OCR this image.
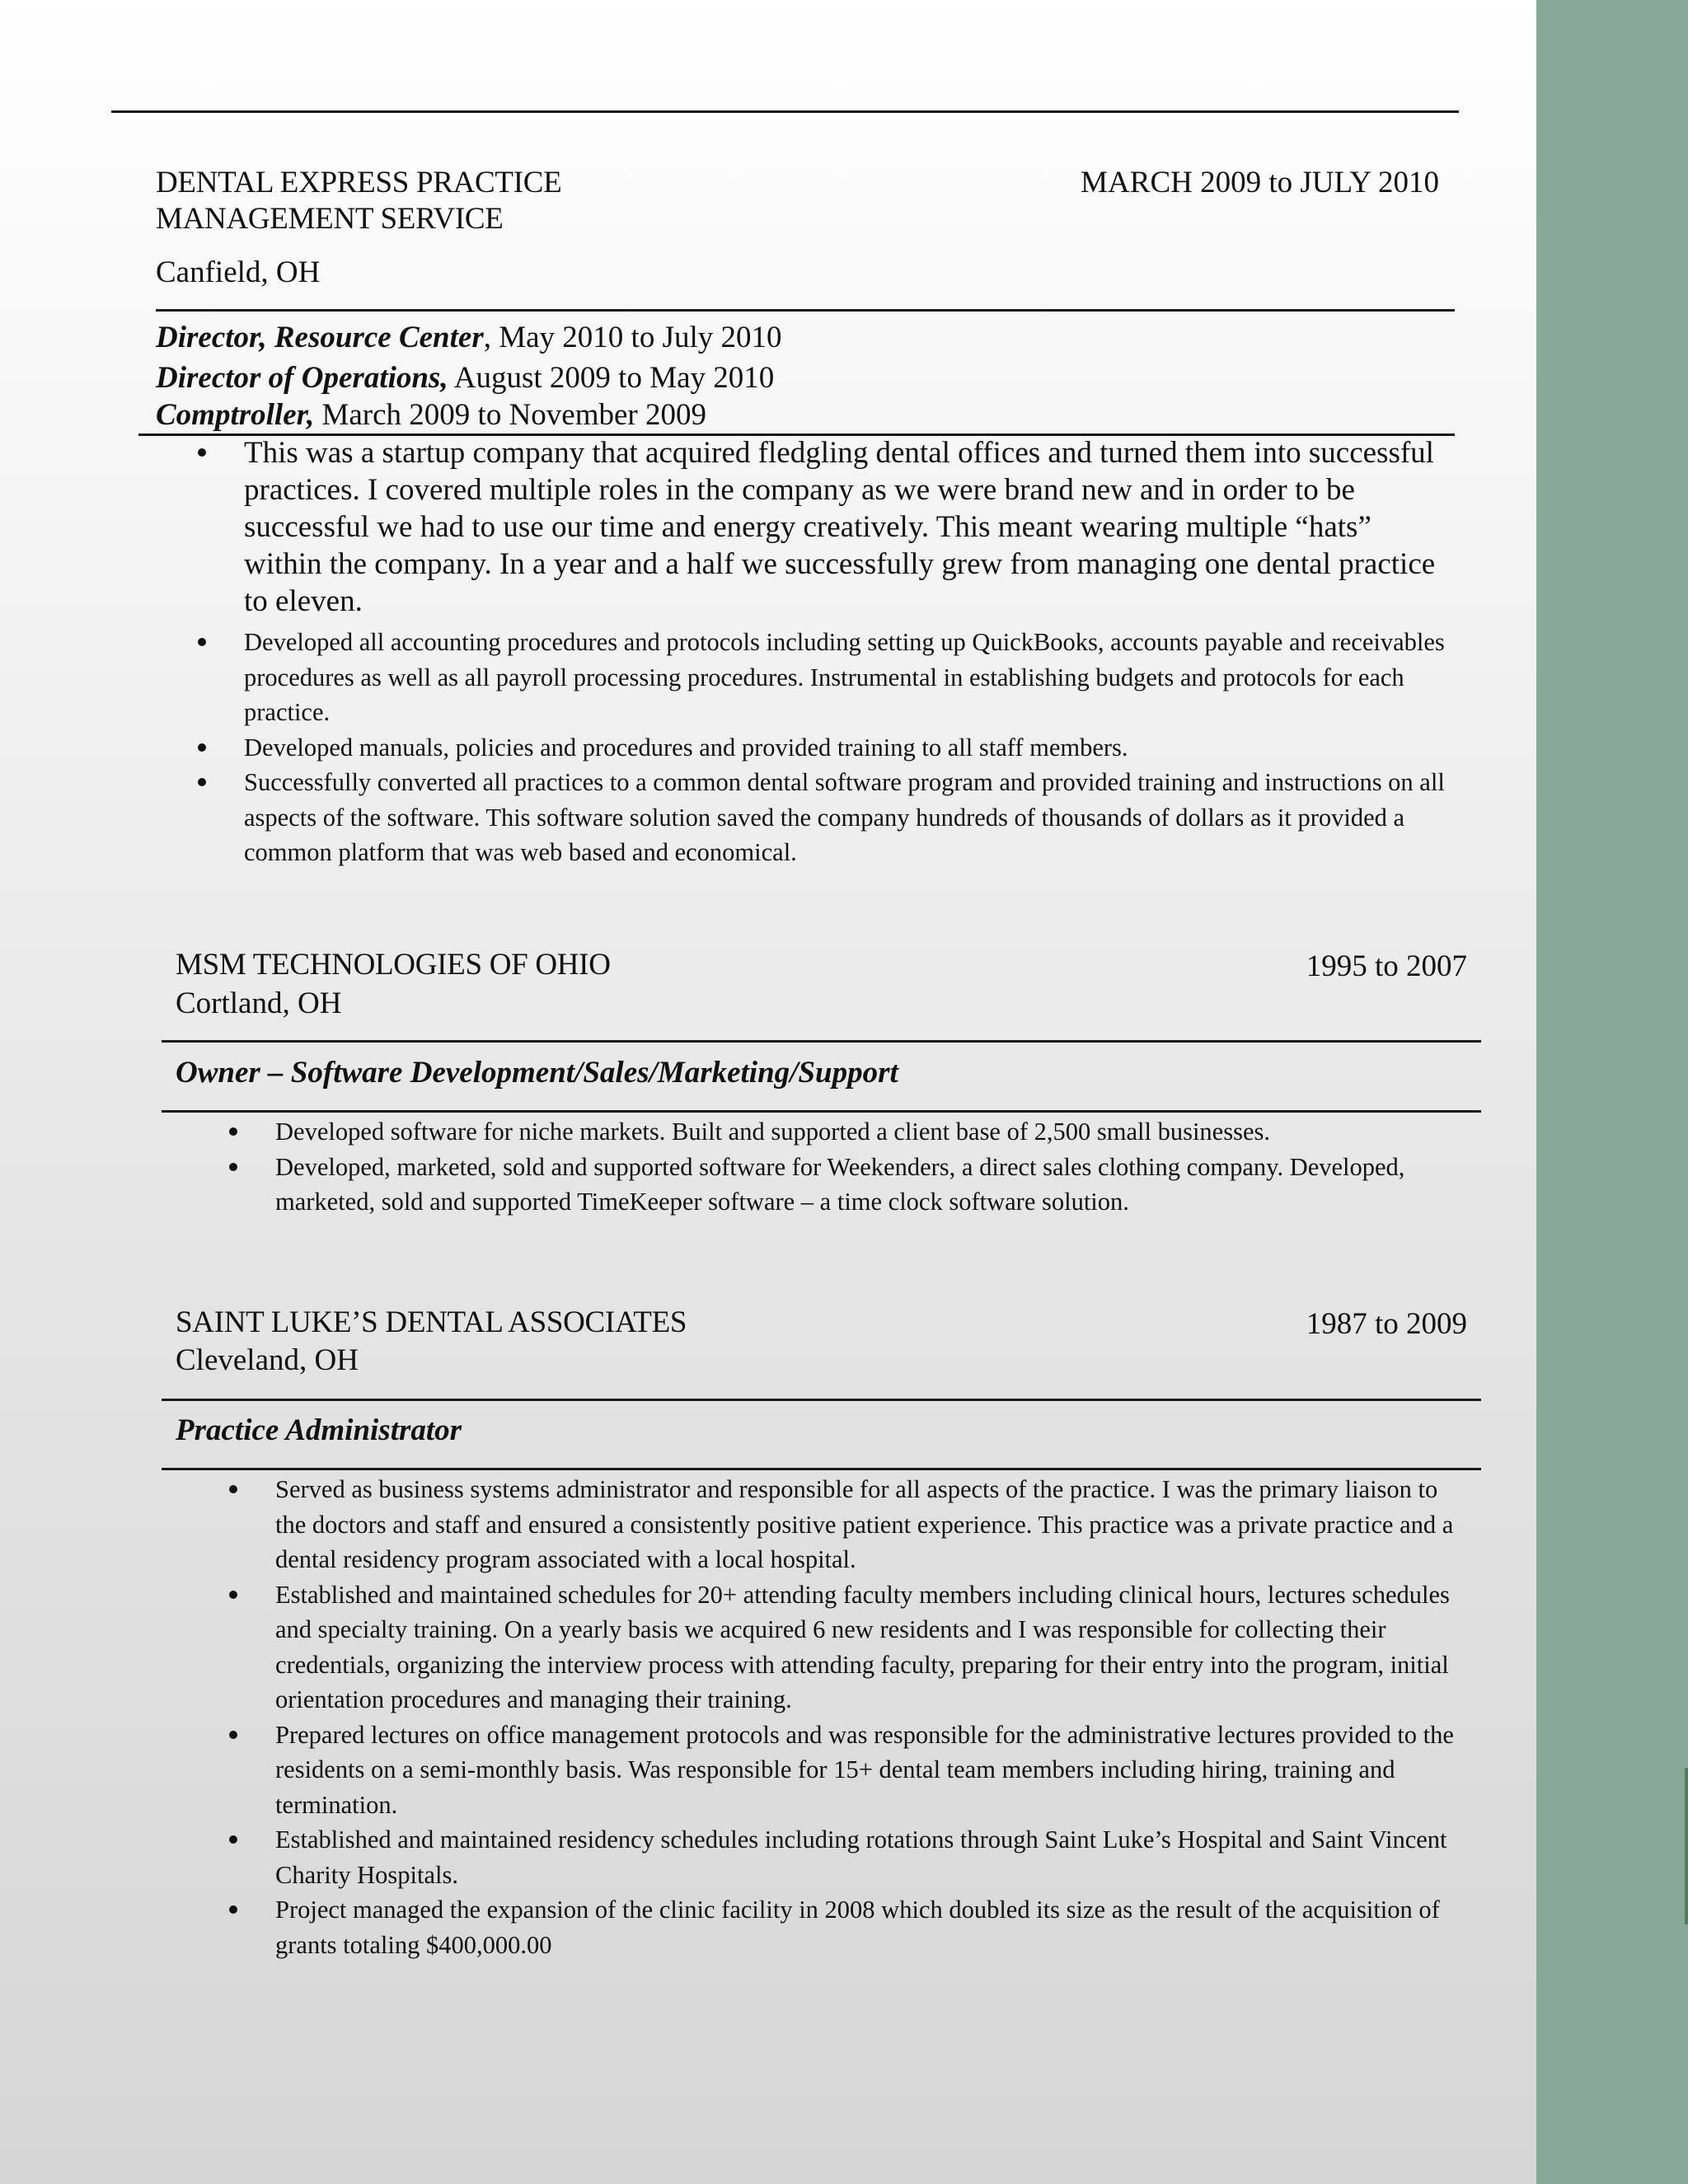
DENTAL EXPRESS PRACTICE
MANAGEMENT SERVICE
Canfield, OH
MARCH 2009 to JULY 2010
Director, Resource Center, May 2010 to July 2010
Director of Operations, August 2009 to May 2010
Comptroller, March 2009 to November 2009
This was a startup company that acquired fledgling dental offices and turned them into successful practices. I covered multiple roles in the company as we were brand new and in order to be successful we had to use our time and energy creatively. This meant wearing multiple “hats” within the company. In a year and a half we successfully grew from managing one dental practice to eleven.
Developed all accounting procedures and protocols including setting up QuickBooks, accounts payable and receivables procedures as well as all payroll processing procedures. Instrumental in establishing budgets and protocols for each practice.
Developed manuals, policies and procedures and provided training to all staff members.
Successfully converted all practices to a common dental software program and provided training and instructions on all aspects of the software. This software solution saved the company hundreds of thousands of dollars as it provided a common platform that was web based and economical.
MSM TECHNOLOGIES OF OHIO
Cortland, OH
1995 to 2007
Owner – Software Development/Sales/Marketing/Support
Developed software for niche markets. Built and supported a client base of 2,500 small businesses.
Developed, marketed, sold and supported software for Weekenders, a direct sales clothing company. Developed, marketed, sold and supported TimeKeeper software – a time clock software solution.
SAINT LUKE’S DENTAL ASSOCIATES
Cleveland, OH
1987 to 2009
Practice Administrator
Served as business systems administrator and responsible for all aspects of the practice. I was the primary liaison to the doctors and staff and ensured a consistently positive patient experience. This practice was a private practice and a dental residency program associated with a local hospital.
Established and maintained schedules for 20+ attending faculty members including clinical hours, lectures schedules and specialty training. On a yearly basis we acquired 6 new residents and I was responsible for collecting their credentials, organizing the interview process with attending faculty, preparing for their entry into the program, initial orientation procedures and managing their training.
Prepared lectures on office management protocols and was responsible for the administrative lectures provided to the residents on a semi-monthly basis. Was responsible for 15+ dental team members including hiring, training and termination.
Established and maintained residency schedules including rotations through Saint Luke’s Hospital and Saint Vincent Charity Hospitals.
Project managed the expansion of the clinic facility in 2008 which doubled its size as the result of the acquisition of grants totaling $400,000.00
